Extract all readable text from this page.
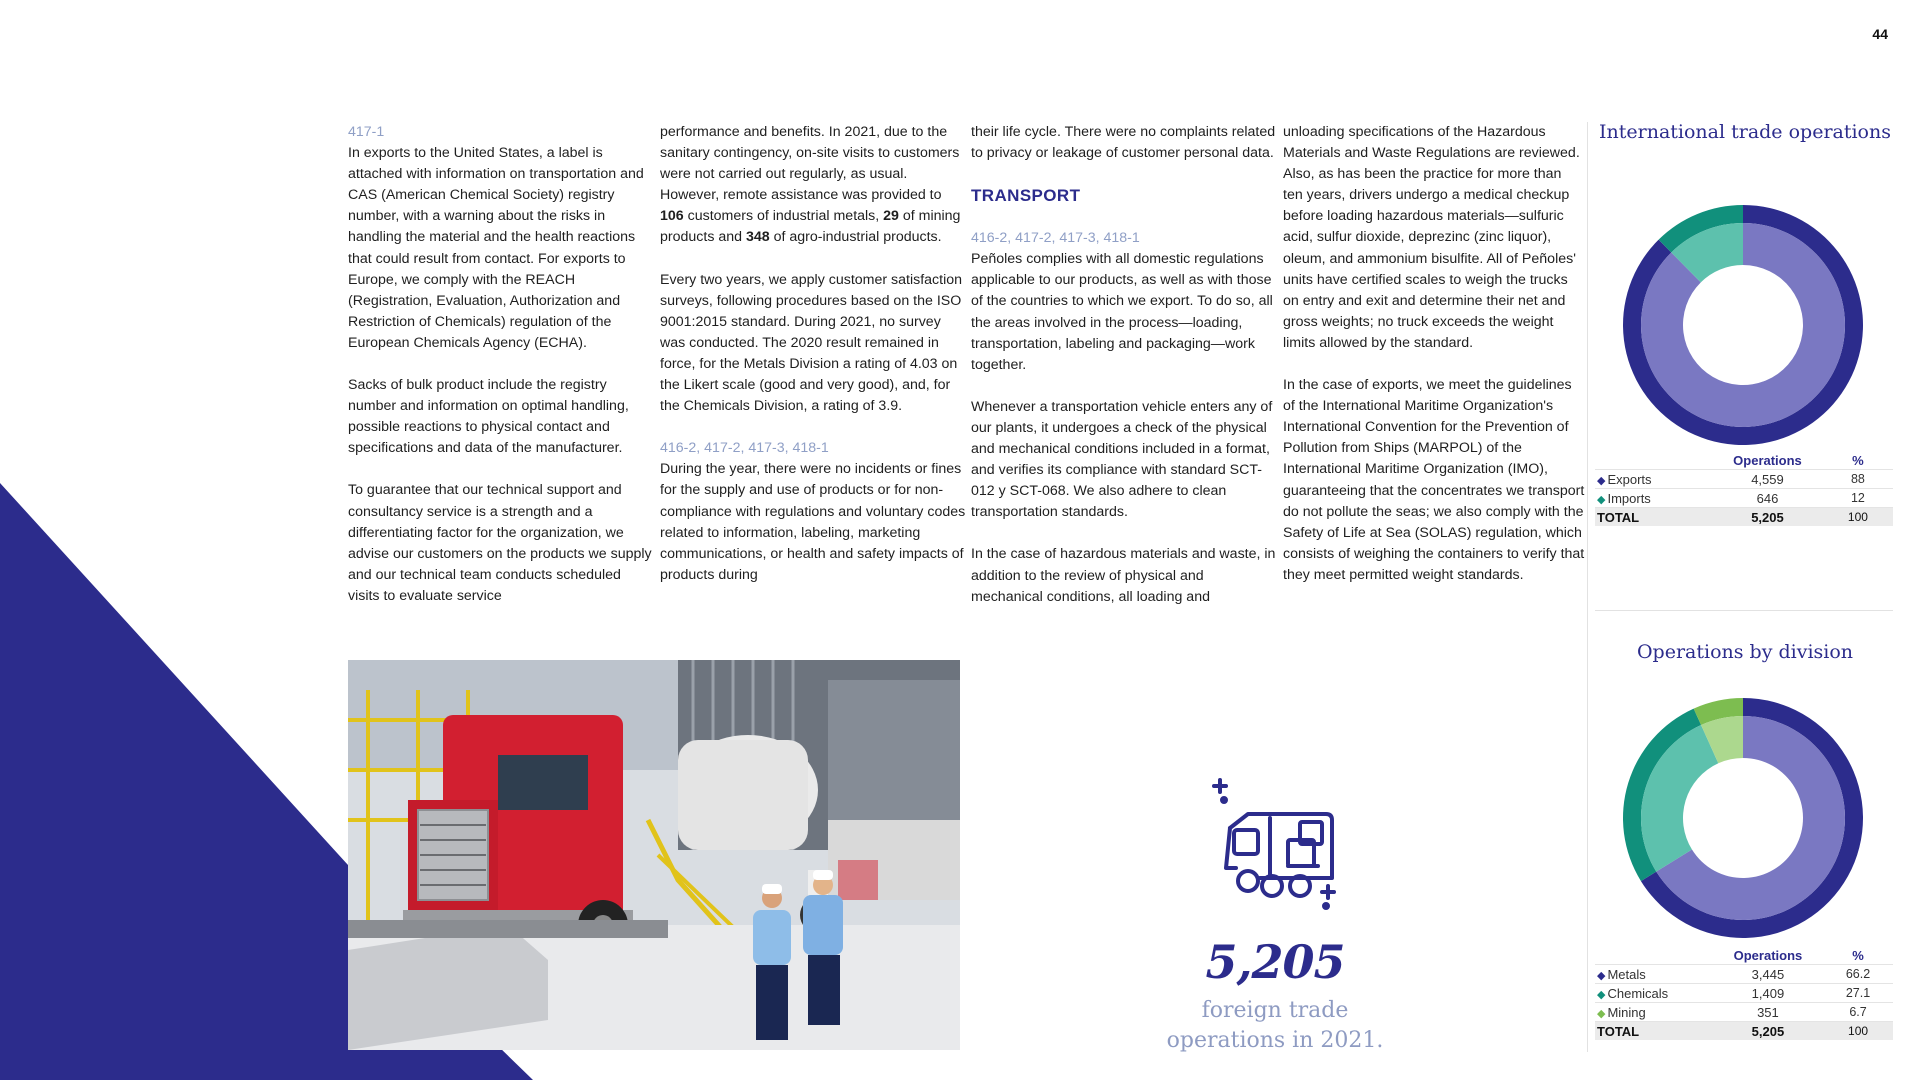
44
417-1

In exports to the United States, a label is attached with information on transportation and CAS (American Chemical Society) registry number, with a warning about the risks in handling the material and the health reactions that could result from contact. For exports to Europe, we comply with the REACH (Registration, Evaluation, Authorization and Restriction of Chemicals) regulation of the European Chemicals Agency (ECHA).

Sacks of bulk product include the registry number and information on optimal handling, possible reactions to physical contact and specifications and data of the manufacturer.

To guarantee that our technical support and consultancy service is a strength and a differentiating factor for the organization, we advise our customers on the products we supply and our technical team conducts scheduled visits to evaluate service

performance and benefits. In 2021, due to the sanitary contingency, on-site visits to customers were not carried out regularly, as usual. However, remote assistance was provided to 106 customers of industrial metals, 29 of mining products and 348 of agro-industrial products.

Every two years, we apply customer satisfaction surveys, following procedures based on the ISO 9001:2015 standard. During 2021, no survey was conducted. The 2020 result remained in force, for the Metals Division a rating of 4.03 on the Likert scale (good and very good), and, for the Chemicals Division, a rating of 3.9.

416-2, 417-2, 417-3, 418-1

During the year, there were no incidents or fines for the supply and use of products or for non-compliance with regulations and voluntary codes related to information, labeling, marketing communications, or health and safety impacts of products during

their life cycle. There were no complaints related to privacy or leakage of customer personal data.

TRANSPORT
416-2, 417-2, 417-3, 418-1

Peñoles complies with all domestic regulations applicable to our products, as well as with those of the countries to which we export. To do so, all the areas involved in the process—loading, transportation, labeling and packaging—work together.

Whenever a transportation vehicle enters any of our plants, it undergoes a check of the physical and mechanical conditions included in a format, and verifies its compliance with standard SCT-012 y SCT-068. We also adhere to clean transportation standards.

In the case of hazardous materials and waste, in addition to the review of physical and mechanical conditions, all loading and

unloading specifications of the Hazardous Materials and Waste Regulations are reviewed. Also, as has been the practice for more than ten years, drivers undergo a medical checkup before loading hazardous materials—sulfuric acid, sulfur dioxide, deprezinc (zinc liquor), oleum, and ammonium bisulfite. All of Peñoles' units have certified scales to weigh the trucks on entry and exit and determine their net and gross weights; no truck exceeds the weight limits allowed by the standard.

In the case of exports, we meet the guidelines of the International Maritime Organization's International Convention for the Prevention of Pollution from Ships (MARPOL) of the International Maritime Organization (IMO), guaranteeing that the concentrates we transport do not pollute the seas; we also comply with the Safety of Life at Sea (SOLAS) regulation, which consists of weighing the containers to verify that they meet permitted weight standards.

5,205
foreign trade
operations in 2021.
International trade operations
	Operations	%
◆ Exports	4,559	88
◆ Imports	646	12
TOTAL	5,205	100
Operations by division
	Operations	%
◆ Metals	3,445	66.2
◆ Chemicals	1,409	27.1
◆ Mining	351	6.7
TOTAL	5,205	100
